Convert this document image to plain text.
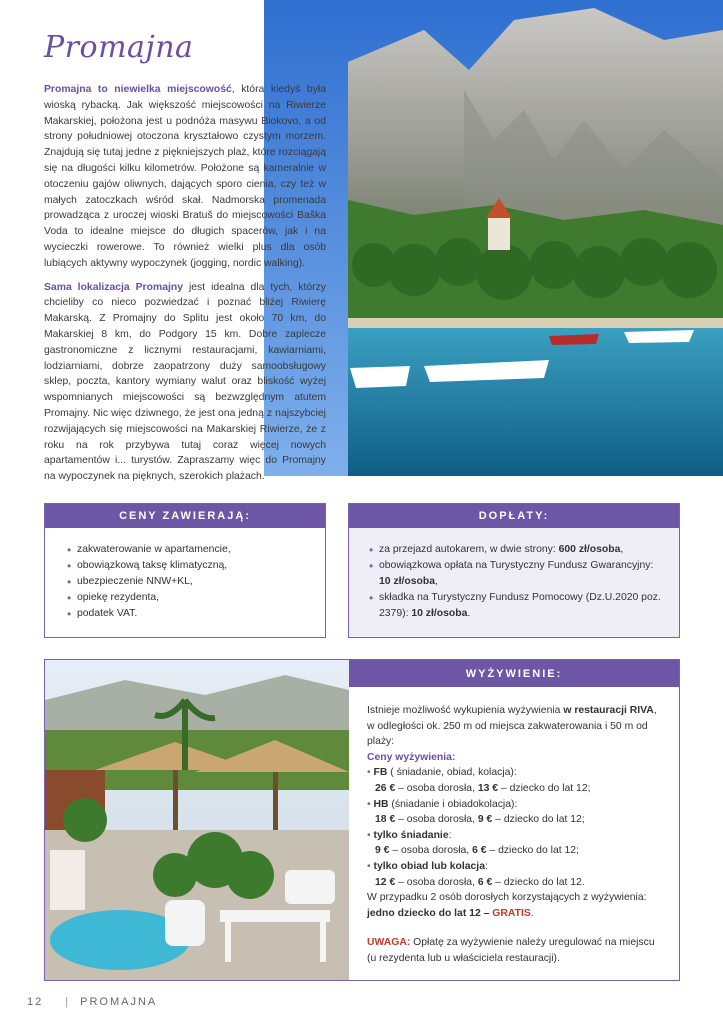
Promajna

Promajna to niewielka miejscowość, która kiedyś była wioską rybacką. Jak większość miejscowości na Riwierze Makarskiej, położona jest u podnóża masywu Biokovo, a od strony południowej otoczona kryształowo czystym morzem. Znajdują się tutaj jedne z piękniejszych plaż, które rozciągają się na długości kilku kilometrów. Położone są kameralnie w otoczeniu gajów oliwnych, dających sporo cienia, czy też w małych zatoczkach wśród skał. Nadmorska promenada prowadząca z uroczej wioski Bratuš do miejscowości Baška Voda to idealne miejsce do długich spacerów, jak i na wycieczki rowerowe. To również wielki plus dla osób lubiących aktywny wypoczynek (jogging, nordic walking).

Sama lokalizacja Promajny jest idealna dla tych, którzy chcieliby co nieco pozwiedzać i poznać bliżej Riwierę Makarską. Z Promajny do Splitu jest około 70 km, do Makarskiej 8 km, do Podgory 15 km. Dobre zaplecze gastronomiczne z licznymi restauracjami, kawiarniami, lodziarniami, dobrze zaopatrzony duży samoobsługowy sklep, poczta, kantory wymiany walut oraz bliskość wyżej wspomnianych miejscowości są bezwzględnym atutem Promajny. Nic więc dziwnego, że jest ona jedną z najszybciej rozwijających się miejscowości na Makarskiej Riwierze, że z roku na rok przybywa tutaj coraz więcej nowych apartamentów i... turystów. Zapraszamy więc do Promajny na wypoczynek na pięknych, szerokich plażach.

CENY ZAWIERAJĄ:
• zakwaterowanie w apartamencie,
• obowiązkową taksę klimatyczną,
• ubezpieczenie NNW+KL,
• opiekę rezydenta,
• podatek VAT.
DOPŁATY:
• za przejazd autokarem, w dwie strony: 600 zł/osoba,
• obowiązkowa opłata na Turystyczny Fundusz Gwarancyjny: 10 zł/osoba,
• składka na Turystyczny Fundusz Pomocowy (Dz.U.2020 poz. 2379): 10 zł/osoba.
WYŻYWIENIE:

Istnieje możliwość wykupienia wyżywienia w restauracji RIVA, w odległości ok. 250 m od miejsca zakwaterowania i 50 m od plaży:

Ceny wyżywienia:

• FB ( śniadanie, obiad, kolacja):

26 € – osoba dorosła, 13 € – dziecko do lat 12;

• HB (śniadanie i obiadokolacja):

18 € – osoba dorosła, 9 € – dziecko do lat 12;

• tylko śniadanie:

9 € – osoba dorosła, 6 € – dziecko do lat 12;

• tylko obiad lub kolacja:

12 € – osoba dorosła, 6 € – dziecko do lat 12.

W przypadku 2 osób dorosłych korzystających z wyżywienia: jedno dziecko do lat 12 – GRATIS.

UWAGA: Opłatę za wyżywienie należy uregulować na miejscu (u rezydenta lub u właściciela restauracji).

12 | PROMAJNA
